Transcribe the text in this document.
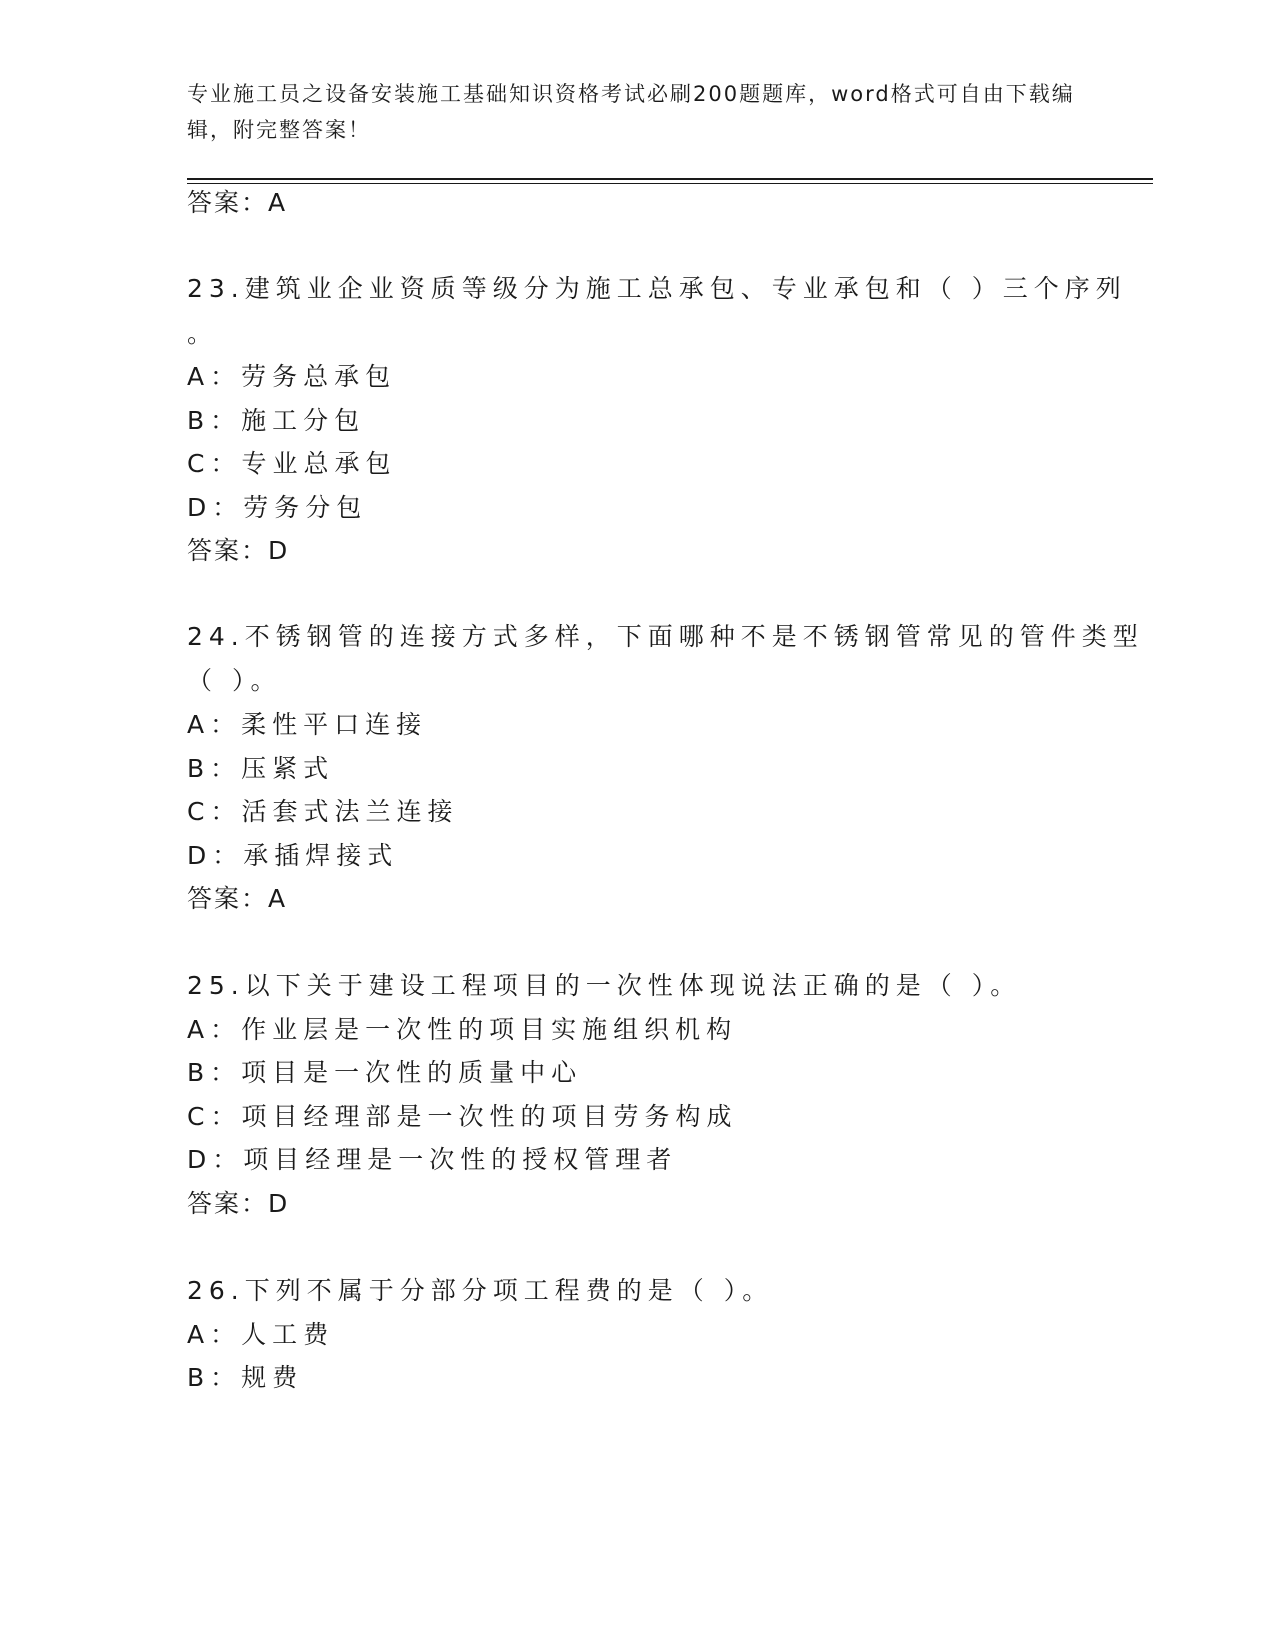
专业施工员之设备安装施工基础知识资格考试必刷200题题库，word格式可自由下载编辑，附完整答案！

答案：A

23.建筑业企业资质等级分为施工总承包、专业承包和（ ）三个序列

。

A：劳务总承包

B：施工分包

C：专业总承包

D：劳务分包

答案：D

24.不锈钢管的连接方式多样，下面哪种不是不锈钢管常见的管件类型

（ ）。

A：柔性平口连接

B：压紧式

C：活套式法兰连接

D：承插焊接式

答案：A

25.以下关于建设工程项目的一次性体现说法正确的是（ ）。

A：作业层是一次性的项目实施组织机构

B：项目是一次性的质量中心

C：项目经理部是一次性的项目劳务构成

D：项目经理是一次性的授权管理者

答案：D

26.下列不属于分部分项工程费的是（ ）。

A：人工费

B：规费
